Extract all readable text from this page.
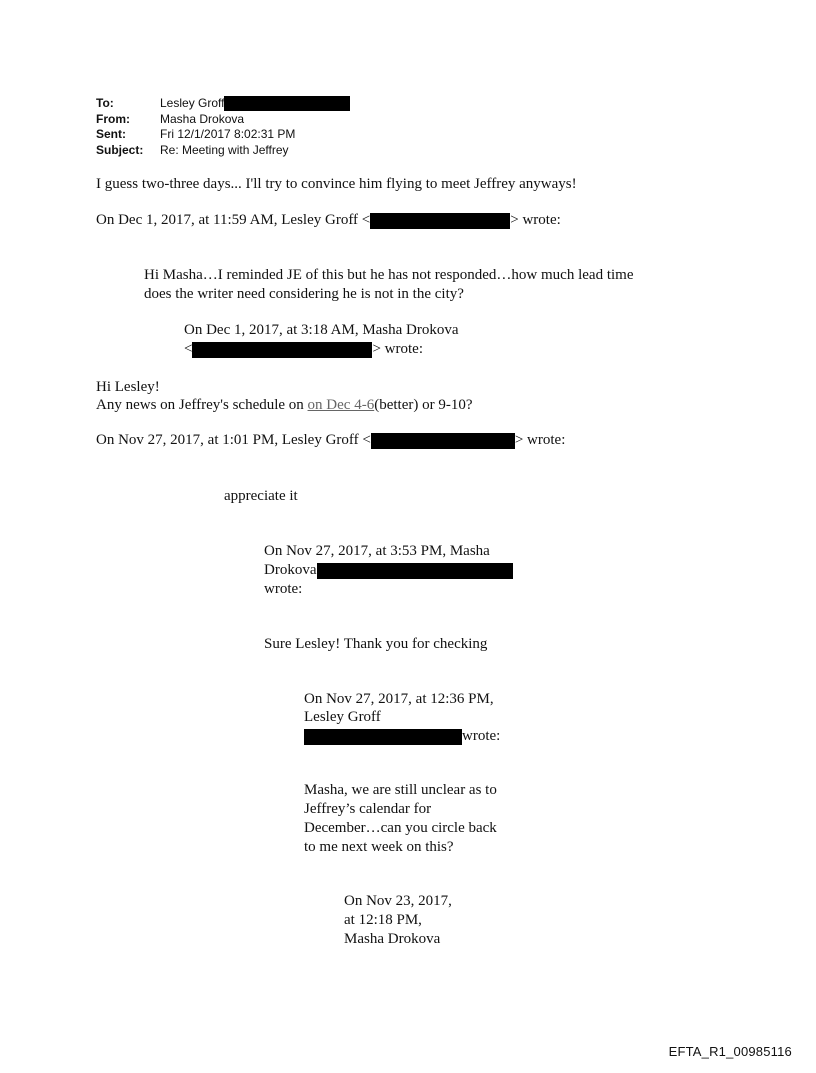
To:	Lesley Groff
From:	Masha Drokova
Sent:	Fri 12/1/2017 8:02:31 PM
Subject:	Re: Meeting with Jeffrey
I guess two-three days... I'll try to convince him flying to meet Jeffrey anyways!
On Dec 1, 2017, at 11:59 AM, Lesley Groff <	> wrote:
Hi Masha…I reminded JE of this but he has not responded…how much lead time
does the writer need considering he is not in the city?
On Dec 1, 2017, at 3:18 AM, Masha Drokova
<	> wrote:
Hi Lesley!
Any news on Jeffrey's schedule on on Dec 4-6(better) or 9-10?
On Nov 27, 2017, at 1:01 PM, Lesley Groff <	> wrote:
appreciate it
On Nov 27, 2017, at 3:53 PM, Masha
Drokova
wrote:
Sure Lesley! Thank you for checking
On Nov 27, 2017, at 12:36 PM,
Lesley Groff
wrote:
Masha, we are still unclear as to
Jeffrey’s calendar for
December…can you circle back
to me next week on this?
On Nov 23, 2017,
at 12:18 PM,
Masha Drokova
EFTA_R1_00985116
